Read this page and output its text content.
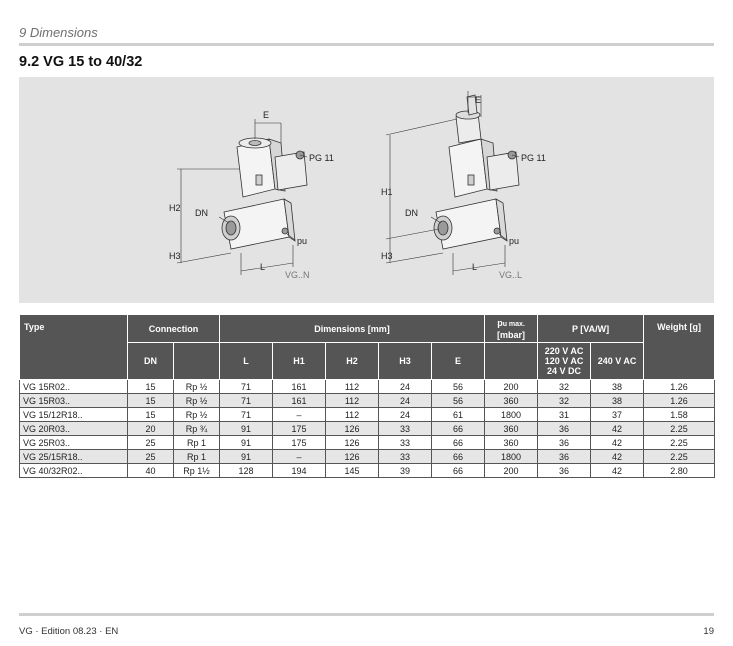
9 Dimensions
9.2 VG 15 to 40/32
E
PG 11
H2 DN
H3
L
pu
VG..N
E
PG 11
H1
DN
H3
L
pu
VG..L
Type	Connection		Dimensions [mm]					pu max.
[mbar]	P [VA/W]		Weight [g]
	DN		L	H1	H2	H3	E		220 V AC
120 V AC
24 V DC	240 V AC	
VG 15R02..	15	Rp ½	71	161	112	24	56	200	32	38	1.26
VG 15R03..	15	Rp ½	71	161	112	24	56	360	32	38	1.26
VG 15/12R18..	15	Rp ½	71	–	112	24	61	1800	31	37	1.58
VG 20R03..	20	Rp ¾	91	175	126	33	66	360	36	42	2.25
VG 25R03..	25	Rp 1	91	175	126	33	66	360	36	42	2.25
VG 25/15R18..	25	Rp 1	91	–	126	33	66	1800	36	42	2.25
VG 40/32R02..	40	Rp 1½	128	194	145	39	66	200	36	42	2.80
VG · Edition 08.23 · EN	19
